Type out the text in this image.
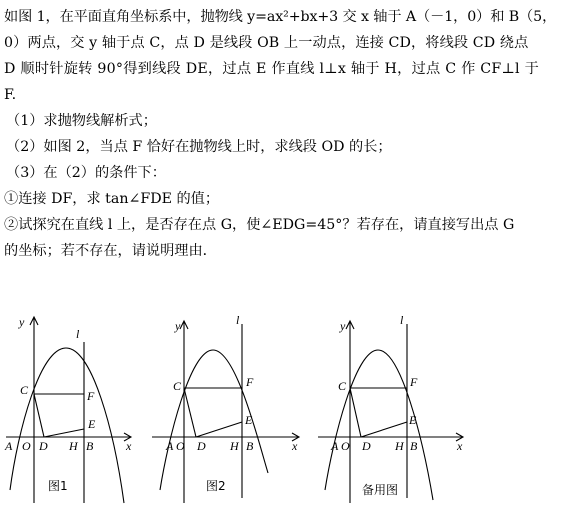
如图 1，在平面直角坐标系中，抛物线 y=ax²+bx+3 交 x 轴于 A（－1，0）和 B（5，
0）两点，交 y 轴于点 C，点 D 是线段 OB 上一动点，连接 CD，将线段 CD 绕点
D 顺时针旋转 90°得到线段 DE，过点 E 作直线 l⊥x 轴于 H，过点 C 作 CF⊥l 于
F.
（1）求抛物线解析式；
（2）如图 2，当点 F 恰好在抛物线上时，求线段 OD 的长；
（3）在（2）的条件下：
①连接 DF，求 tan∠FDE 的值；
②试探究在直线 l 上，是否存在点 G，使∠EDG=45°？若存在，请直接写出点 G
的坐标；若不存在，请说明理由．
y
x
l
C	F
E
A O D H B
图1
y
x
l
C	F
E
A O D H B
图2
y
x
l
C	F
E
A O D H B
备用图
